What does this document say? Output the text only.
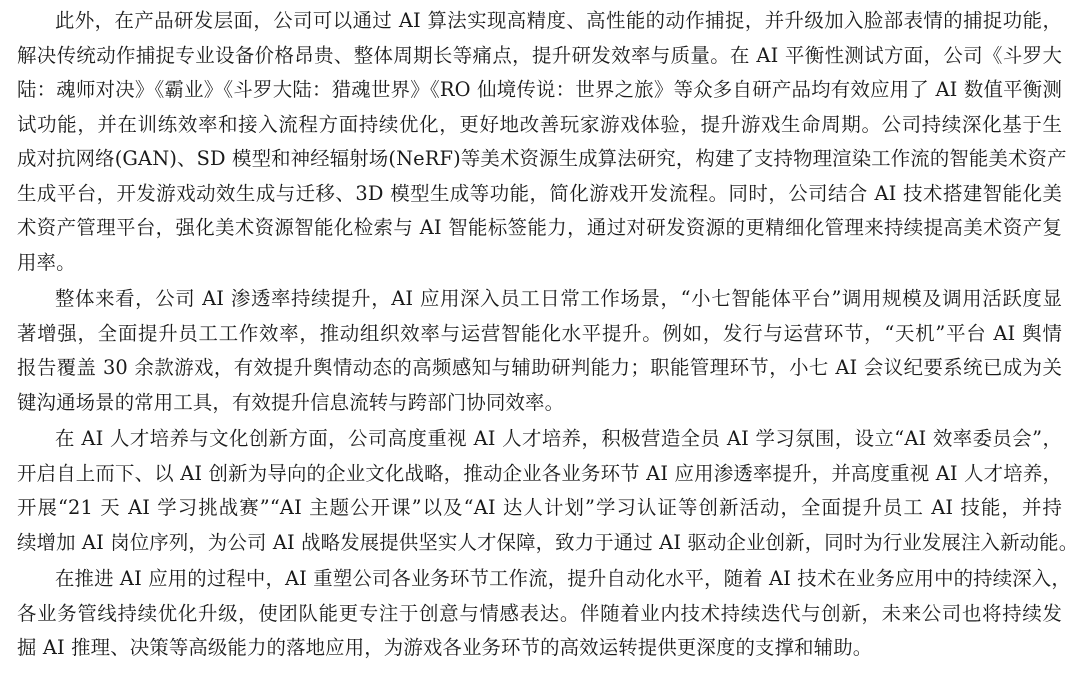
此外，在产品研发层面，公司可以通过 AI 算法实现高精度、高性能的动作捕捉，并升级加入脸部表情的捕捉功能，
解决传统动作捕捉专业设备价格昂贵、整体周期长等痛点，提升研发效率与质量。在 AI 平衡性测试方面，公司《斗罗大
陆：魂师对决》《霸业》《斗罗大陆：猎魂世界》《RO 仙境传说：世界之旅》等众多自研产品均有效应用了 AI 数值平衡测
试功能，并在训练效率和接入流程方面持续优化，更好地改善玩家游戏体验，提升游戏生命周期。公司持续深化基于生
成对抗网络(GAN)、SD 模型和神经辐射场(NeRF)等美术资源生成算法研究，构建了支持物理渲染工作流的智能美术资产
生成平台，开发游戏动效生成与迁移、3D 模型生成等功能，简化游戏开发流程。同时，公司结合 AI 技术搭建智能化美
术资产管理平台，强化美术资源智能化检索与 AI 智能标签能力，通过对研发资源的更精细化管理来持续提高美术资产复
用率。
整体来看，公司 AI 渗透率持续提升，AI 应用深入员工日常工作场景，“小七智能体平台”调用规模及调用活跃度显
著增强，全面提升员工工作效率，推动组织效率与运营智能化水平提升。例如，发行与运营环节，“天机”平台 AI 舆情
报告覆盖 30 余款游戏，有效提升舆情动态的高频感知与辅助研判能力；职能管理环节，小七 AI 会议纪要系统已成为关
键沟通场景的常用工具，有效提升信息流转与跨部门协同效率。
在 AI 人才培养与文化创新方面，公司高度重视 AI 人才培养，积极营造全员 AI 学习氛围，设立“AI 效率委员会”，
开启自上而下、以 AI 创新为导向的企业文化战略，推动企业各业务环节 AI 应用渗透率提升，并高度重视 AI 人才培养，
开展“21 天 AI 学习挑战赛”“AI 主题公开课”以及“AI 达人计划”学习认证等创新活动，全面提升员工 AI 技能，并持
续增加 AI 岗位序列，为公司 AI 战略发展提供坚实人才保障，致力于通过 AI 驱动企业创新，同时为行业发展注入新动能。
在推进 AI 应用的过程中，AI 重塑公司各业务环节工作流，提升自动化水平，随着 AI 技术在业务应用中的持续深入，
各业务管线持续优化升级，使团队能更专注于创意与情感表达。伴随着业内技术持续迭代与创新，未来公司也将持续发
掘 AI 推理、决策等高级能力的落地应用，为游戏各业务环节的高效运转提供更深度的支撑和辅助。
